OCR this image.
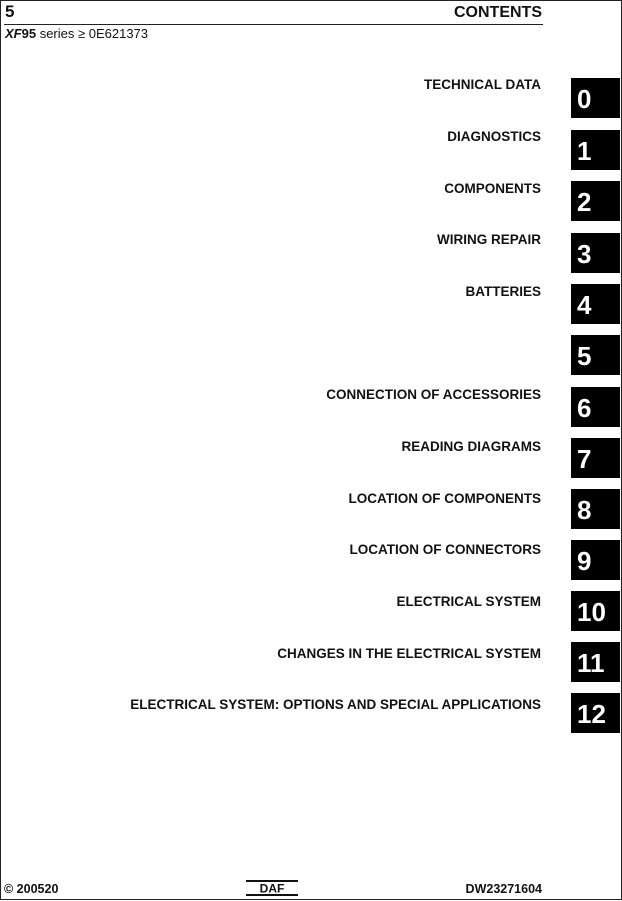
5	CONTENTS
XF95 series ≥ 0E621373
TECHNICAL DATA 0
DIAGNOSTICS 1
COMPONENTS 2
WIRING REPAIR 3
BATTERIES 4
5
CONNECTION OF ACCESSORIES 6
READING DIAGRAMS 7
LOCATION OF COMPONENTS 8
LOCATION OF CONNECTORS 9
ELECTRICAL SYSTEM 10
CHANGES IN THE ELECTRICAL SYSTEM 11
ELECTRICAL SYSTEM: OPTIONS AND SPECIAL APPLICATIONS 12
© 200520	DAF	DW23271604
